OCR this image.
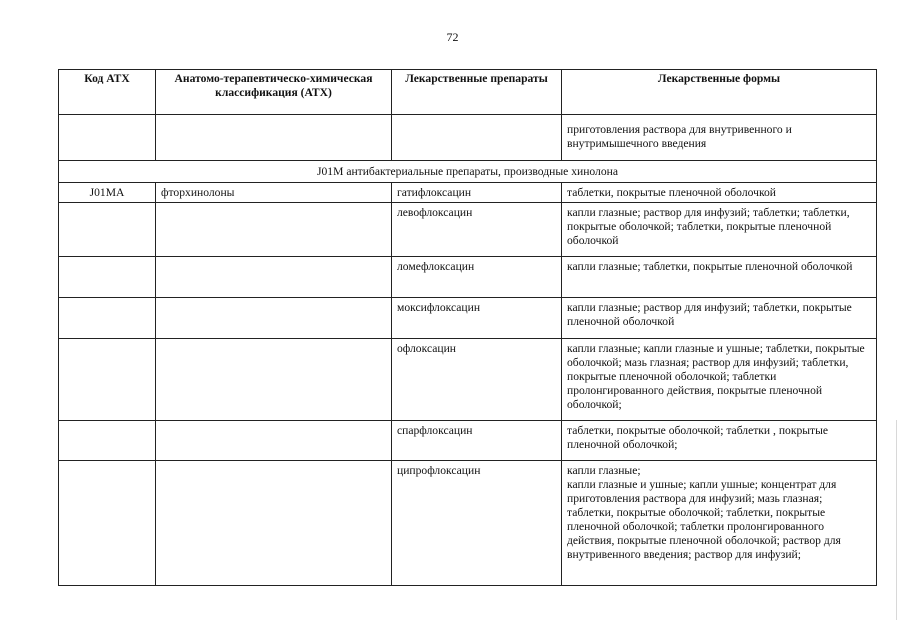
72
Код АТХ	Анатомо-терапевтическо-химическая классификация (АТХ)	Лекарственные препараты	Лекарственные формы
			приготовления раствора для внутривенного и внутримышечного введения
J01M антибактериальные препараты, производные хинолона			
J01MA	фторхинолоны	гатифлоксацин	таблетки, покрытые пленочной оболочкой
		левофлоксацин	капли глазные; раствор для инфузий; таблетки; таблетки, покрытые оболочкой; таблетки, покрытые пленочной оболочкой
		ломефлоксацин	капли глазные; таблетки, покрытые пленочной оболочкой
		моксифлоксацин	капли глазные; раствор для инфузий; таблетки, покрытые пленочной оболочкой
		офлоксацин	капли глазные; капли глазные и ушные; таблетки, покрытые оболочкой; мазь глазная; раствор для инфузий; таблетки, покрытые пленочной оболочкой; таблетки пролонгированного действия, покрытые пленочной оболочкой;
		спарфлоксацин	таблетки, покрытые оболочкой; таблетки , покрытые пленочной оболочкой;
		ципрофлоксацин	капли глазные;
капли глазные и ушные; капли ушные; концентрат для приготовления раствора для инфузий; мазь глазная;
таблетки, покрытые оболочкой; таблетки, покрытые пленочной оболочкой; таблетки пролонгированного действия, покрытые пленочной оболочкой; раствор для внутривенного введения; раствор для инфузий;
